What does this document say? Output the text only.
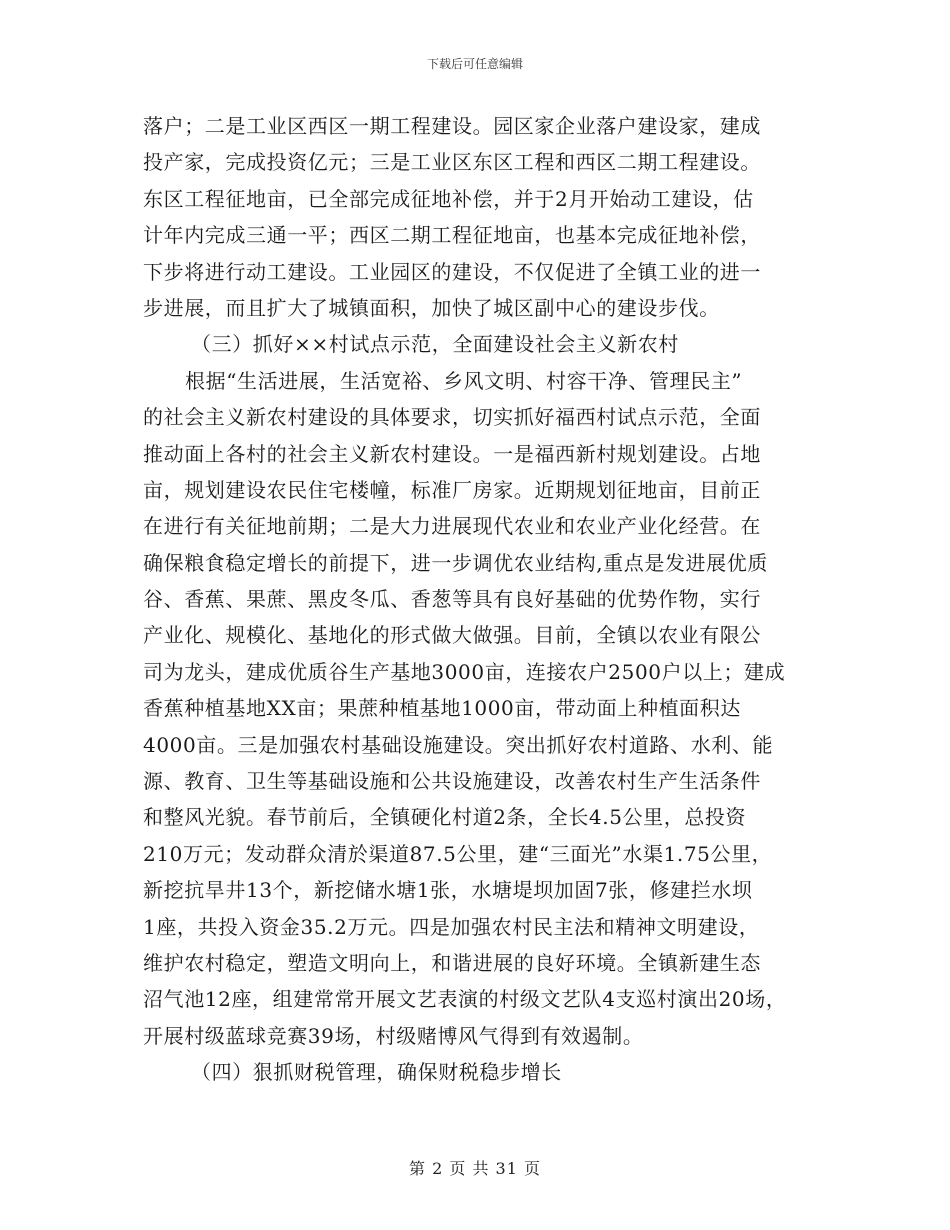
下载后可任意编辑
落户；二是工业区西区一期工程建设。园区家企业落户建设家，建成
投产家，完成投资亿元；三是工业区东区工程和西区二期工程建设。
东区工程征地亩，已全部完成征地补偿，并于2月开始动工建设，估
计年内完成三通一平；西区二期工程征地亩，也基本完成征地补偿，
下步将进行动工建设。工业园区的建设，不仅促进了全镇工业的进一
步进展，而且扩大了城镇面积，加快了城区副中心的建设步伐。
（三）抓好××村试点示范，全面建设社会主义新农村
根据“生活进展，生活宽裕、乡风文明、村容干净、管理民主”
的社会主义新农村建设的具体要求，切实抓好福西村试点示范，全面
推动面上各村的社会主义新农村建设。一是福西新村规划建设。占地
亩，规划建设农民住宅楼幢，标准厂房家。近期规划征地亩，目前正
在进行有关征地前期；二是大力进展现代农业和农业产业化经营。在
确保粮食稳定增长的前提下，进一步调优农业结构,重点是发进展优质
谷、香蕉、果蔗、黑皮冬瓜、香葱等具有良好基础的优势作物，实行
产业化、规模化、基地化的形式做大做强。目前，全镇以农业有限公
司为龙头，建成优质谷生产基地3000亩，连接农户2500户以上；建成
香蕉种植基地XX亩；果蔗种植基地1000亩，带动面上种植面积达
4000亩。三是加强农村基础设施建设。突出抓好农村道路、水利、能
源、教育、卫生等基础设施和公共设施建设，改善农村生产生活条件
和整风光貌。春节前后，全镇硬化村道2条，全长4.5公里，总投资
210万元；发动群众清於渠道87.5公里，建“三面光”水渠1.75公里，
新挖抗旱井13个，新挖储水塘1张，水塘堤坝加固7张，修建拦水坝
1座，共投入资金35.2万元。四是加强农村民主法和精神文明建设，
维护农村稳定，塑造文明向上，和谐进展的良好环境。全镇新建生态
沼气池12座，组建常常开展文艺表演的村级文艺队4支巡村演出20场，
开展村级蓝球竞赛39场，村级赌博风气得到有效遏制。
（四）狠抓财税管理，确保财税稳步增长
第 2 页 共 31 页
